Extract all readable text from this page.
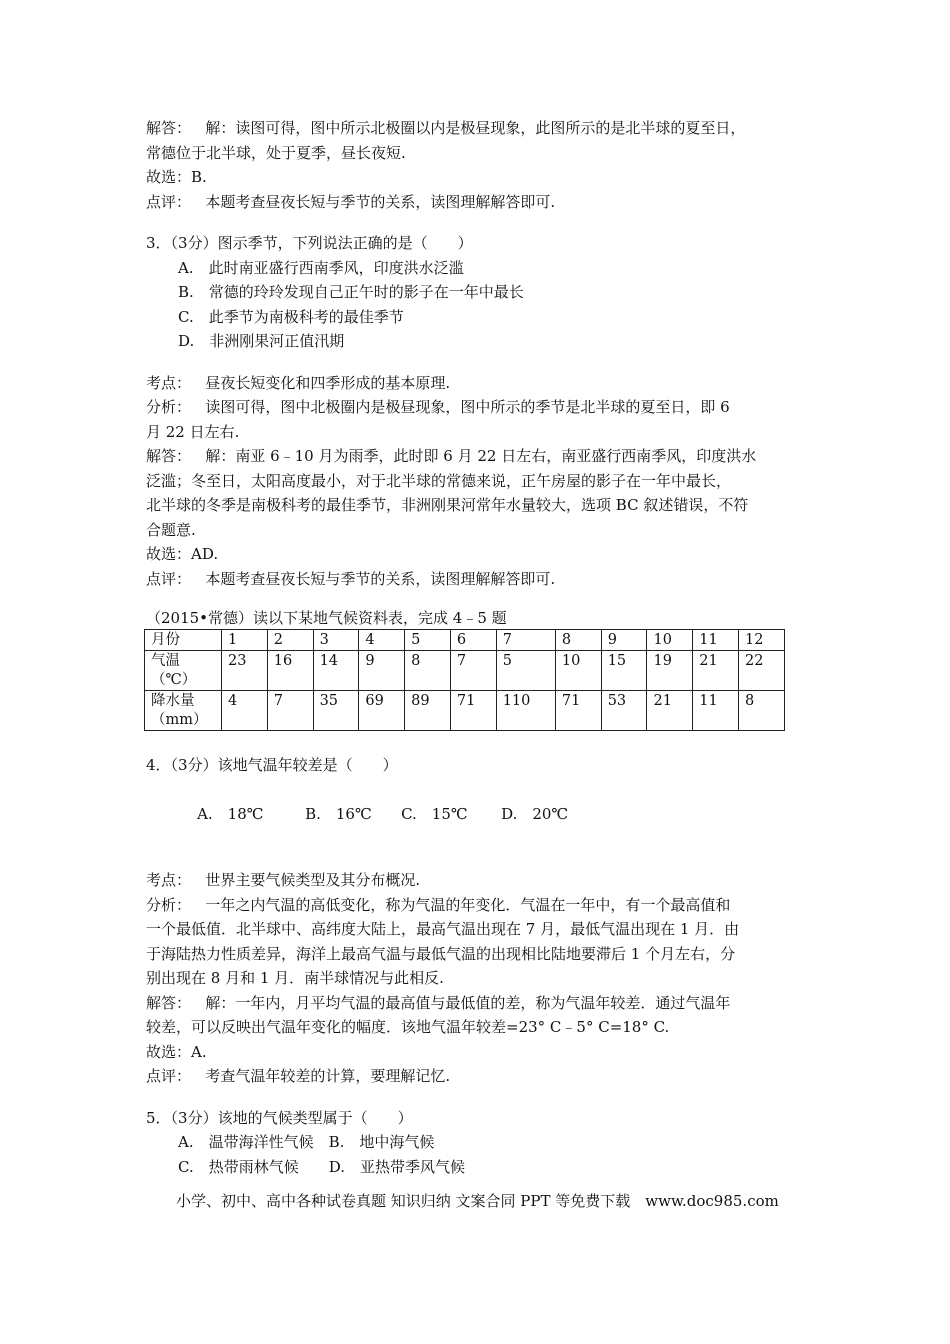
解答：   解：读图可得，图中所示北极圈以内是极昼现象，此图所示的是北半球的夏至日，

常德位于北半球，处于夏季，昼长夜短.

故选：B.

点评：   本题考查昼夜长短与季节的关系，读图理解解答即可.

3．（3分）图示季节，下列说法正确的是（　　）

A.　此时南亚盛行西南季风，印度洪水泛滥

B.　常德的玲玲发现自己正午时的影子在一年中最长

C.　此季节为南极科考的最佳季节

D.　非洲刚果河正值汛期

考点：   昼夜长短变化和四季形成的基本原理.

分析：   读图可得，图中北极圈内是极昼现象，图中所示的季节是北半球的夏至日，即 6

月 22 日左右.

解答：   解：南亚 6﹣10 月为雨季，此时即 6 月 22 日左右，南亚盛行西南季风，印度洪水

泛滥；冬至日，太阳高度最小，对于北半球的常德来说，正午房屋的影子在一年中最长，

北半球的冬季是南极科考的最佳季节，非洲刚果河常年水量较大，选项 BC 叙述错误，不符

合题意.

故选：AD.

点评：   本题考查昼夜长短与季节的关系，读图理解解答即可.

（2015•常德）读以下某地气候资料表，完成 4﹣5 题

月份	1	2	3	4	5	6	7	8	9	10	11	12
气温
（℃）	23	16	14	9	8	7	5	10	15	19	21	22
降水量
（mm）	4	7	35	69	89	71	110	71	53	21	11	8

4．（3分）该地气温年较差是（　　）

A.　18℃	B.　16℃ C.　15℃ D.　20℃

考点：   世界主要气候类型及其分布概况.

分析：   一年之内气温的高低变化，称为气温的年变化．气温在一年中，有一个最高值和

一个最低值．北半球中、高纬度大陆上，最高气温出现在 7 月，最低气温出现在 1 月．由

于海陆热力性质差异，海洋上最高气温与最低气温的出现相比陆地要滞后 1 个月左右，分

别出现在 8 月和 1 月．南半球情况与此相反.

解答：   解：一年内，月平均气温的最高值与最低值的差，称为气温年较差．通过气温年

较差，可以反映出气温年变化的幅度．该地气温年较差=23° C﹣5° C=18° C.

故选：A.

点评：   考查气温年较差的计算，要理解记忆.

5．（3分）该地的气候类型属于（　　）

A.　温带海洋性气候　B.　地中海气候

C.　热带雨林气候　　D.　亚热带季风气候

小学、初中、高中各种试卷真题 知识归纳 文案合同 PPT 等免费下载　www.doc985.com
